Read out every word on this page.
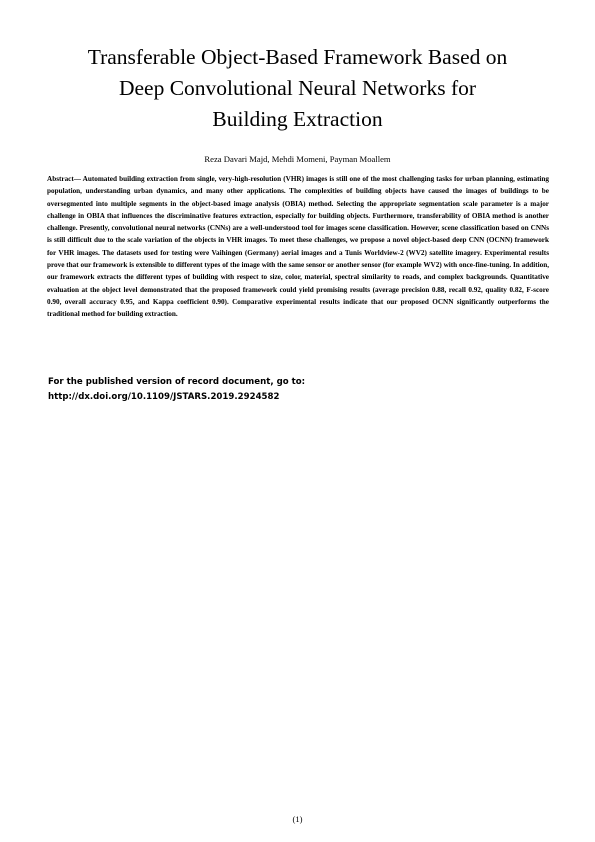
Transferable Object-Based Framework Based on
Deep Convolutional Neural Networks for
Building Extraction
Reza Davari Majd, Mehdi Momeni, Payman Moallem

Abstract— Automated building extraction from single, very-high-resolution (VHR) images is still one of the most challenging tasks for urban planning, estimating population, understanding urban dynamics, and many other applications. The complexities of building objects have caused the images of buildings to be oversegmented into multiple segments in the object-based image analysis (OBIA) method. Selecting the appropriate segmentation scale parameter is a major challenge in OBIA that influences the discriminative features extraction, especially for building objects. Furthermore, transferability of OBIA method is another challenge. Presently, convolutional neural networks (CNNs) are a well-understood tool for images scene classification. However, scene classification based on CNNs is still difficult due to the scale variation of the objects in VHR images. To meet these challenges, we propose a novel object-based deep CNN (OCNN) framework for VHR images. The datasets used for testing were Vaihingen (Germany) aerial images and a Tunis Worldview-2 (WV2) satellite imagery. Experimental results prove that our framework is extensible to different types of the image with the same sensor or another sensor (for example WV2) with once-fine-tuning. In addition, our framework extracts the different types of building with respect to size, color, material, spectral similarity to roads, and complex backgrounds. Quantitative evaluation at the object level demonstrated that the proposed framework could yield promising results (average precision 0.88, recall 0.92, quality 0.82, F-score 0.90, overall accuracy 0.95, and Kappa coefficient 0.90). Comparative experimental results indicate that our proposed OCNN significantly outperforms the traditional method for building extraction.

For the published version of record document, go to:
http://dx.doi.org/10.1109/JSTARS.2019.2924582
(1)
